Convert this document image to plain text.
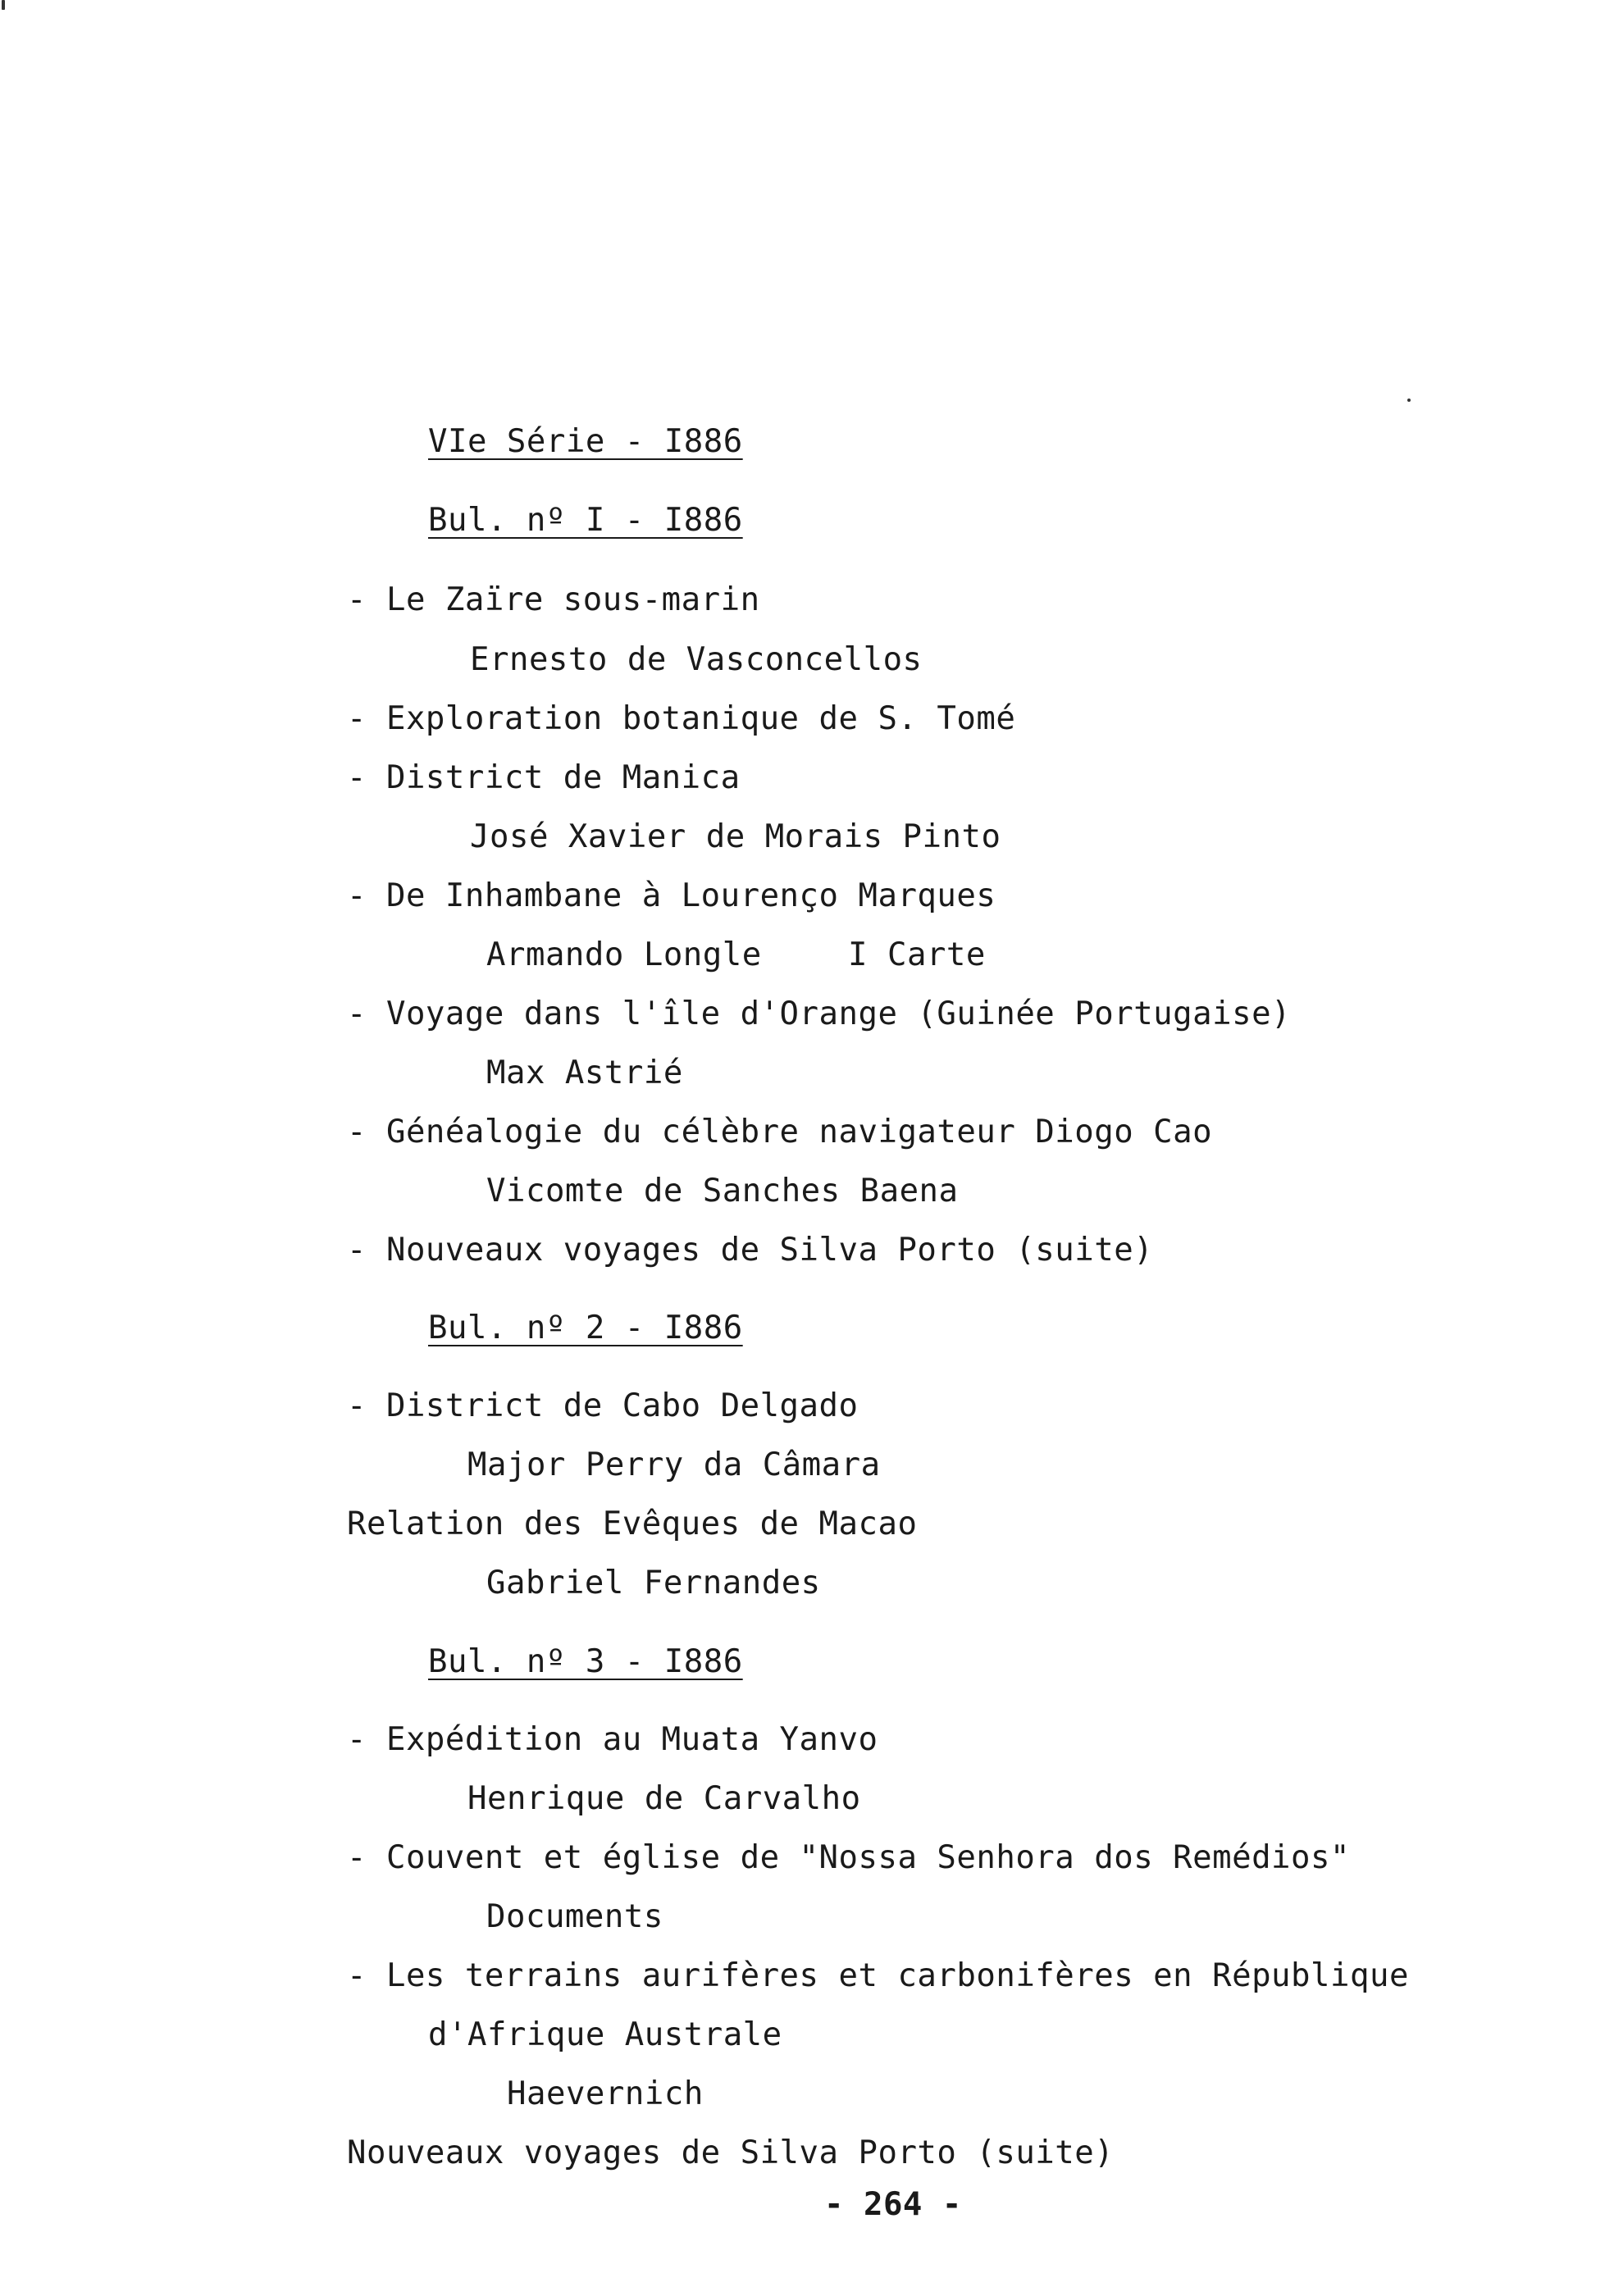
VIe Série - I886
Bul. nº I - I886
- Le Zaïre sous-marin
Ernesto de Vasconcellos
- Exploration botanique de S. Tomé
- District de Manica
José Xavier de Morais Pinto
- De Inhambane à Lourenço Marques
Armando Longle	I Carte
- Voyage dans l'île d'Orange (Guinée Portugaise)
Max Astrié
- Généalogie du célèbre navigateur Diogo Cao
Vicomte de Sanches Baena
- Nouveaux voyages de Silva Porto (suite)
Bul. nº 2 - I886
- District de Cabo Delgado
Major Perry da Câmara
Relation des Evêques de Macao
Gabriel Fernandes
Bul. nº 3 - I886
- Expédition au Muata Yanvo
Henrique de Carvalho
- Couvent et église de "Nossa Senhora dos Remédios"
Documents
- Les terrains aurifères et carbonifères en République
d'Afrique Australe
Haevernich
Nouveaux voyages de Silva Porto (suite)
- 264 -
